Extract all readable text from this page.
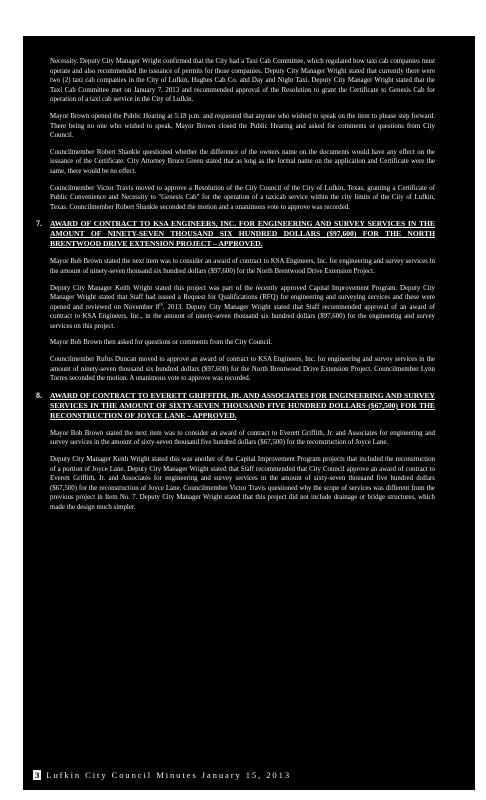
Necessity. Deputy City Manager Wright confirmed that the City had a Taxi Cab Committee, which regulated how taxi cab companies must operate and also recommended the issuance of permits for those companies. Deputy City Manager Wright stated that currently there were two (2) taxi cab companies in the City of Lufkin, Hughes Cab Co. and Day and Night Taxi. Deputy City Manager Wright stated that the Taxi Cab Committee met on January 7, 2013 and recommended approval of the Resolution to grant the Certificate to Genesis Cab for operation of a taxi cab service in the City of Lufkin.

Mayor Brown opened the Public Hearing at 5:18 p.m. and requested that anyone who wished to speak on the item to please step forward. There being no one who wished to speak, Mayor Brown closed the Public Hearing and asked for comments or questions from City Council.

Councilmember Robert Shankle questioned whether the difference of the owners name on the documents would have any effect on the issuance of the Certificate. City Attorney Bruce Green stated that as long as the formal name on the application and Certificate were the same, there would be no effect.

Councilmember Victor Travis moved to approve a Resolution of the City Council of the City of Lufkin, Texas, granting a Certificate of Public Convenience and Necessity to "Genesis Cab" for the operation of a taxicab service within the city limits of the City of Lufkin, Texas. Councilmember Robert Shankle seconded the motion and a unanimous vote to approve was recorded.

7. AWARD OF CONTRACT TO KSA ENGINEERS, INC. FOR ENGINEERING AND SURVEY SERVICES IN THE AMOUNT OF NINETY-SEVEN THOUSAND SIX HUNDRED DOLLARS ($97,600) FOR THE NORTH BRENTWOOD DRIVE EXTENSION PROJECT – APPROVED.

Mayor Bob Brown stated the next item was to consider an award of contract to KSA Engineers, Inc. for engineering and survey services in the amount of ninety-seven thousand six hundred dollars ($97,600) for the North Brentwood Drive Extension Project.

Deputy City Manager Keith Wright stated this project was part of the recently approved Capital Improvement Program. Deputy City Manager Wright stated that Staff had issued a Request for Qualifications (RFQ) for engineering and surveying services and these were opened and reviewed on November 8th, 2013. Deputy City Manager Wright stated that Staff recommended approval of an award of contract to KSA Engineers, Inc., in the amount of ninety-seven thousand six hundred dollars ($97,600) for the engineering and survey services on this project.

Mayor Bob Brown then asked for questions or comments from the City Council.

Councilmember Rufus Duncan moved to approve an award of contract to KSA Engineers, Inc. for engineering and survey services in the amount of ninety-seven thousand six hundred dollars ($97,600) for the North Brentwood Drive Extension Project. Councilmember Lynn Torres seconded the motion. A unanimous vote to approve was recorded.

8. AWARD OF CONTRACT TO EVERETT GRIFFITH, JR. AND ASSOCIATES FOR ENGINEERING AND SURVEY SERVICES IN THE AMOUNT OF SIXTY-SEVEN THOUSAND FIVE HUNDRED DOLLARS ($67,500) FOR THE RECONSTRUCTION OF JOYCE LANE – APPROVED.

Mayor Bob Brown stated the next item was to consider an award of contract to Everett Griffith, Jr. and Associates for engineering and survey services in the amount of sixty-seven thousand five hundred dollars ($67,500) for the reconstruction of Joyce Lane.

Deputy City Manager Keith Wright stated this was another of the Capital Improvement Program projects that included the reconstruction of a portion of Joyce Lane. Deputy City Manager Wright stated that Staff recommended that City Council approve an award of contract to Everett Griffith, Jr. and Associates for engineering and survey services in the amount of sixty-seven thousand five hundred dollars ($67,500) for the reconstruction of Joyce Lane. Councilmember Victor Travis questioned why the scope of services was different from the previous project in Item No. 7. Deputy City Manager Wright stated that this project did not include drainage or bridge structures, which made the design much simpler.

3 Lufkin City Council Minutes January 15, 2013
